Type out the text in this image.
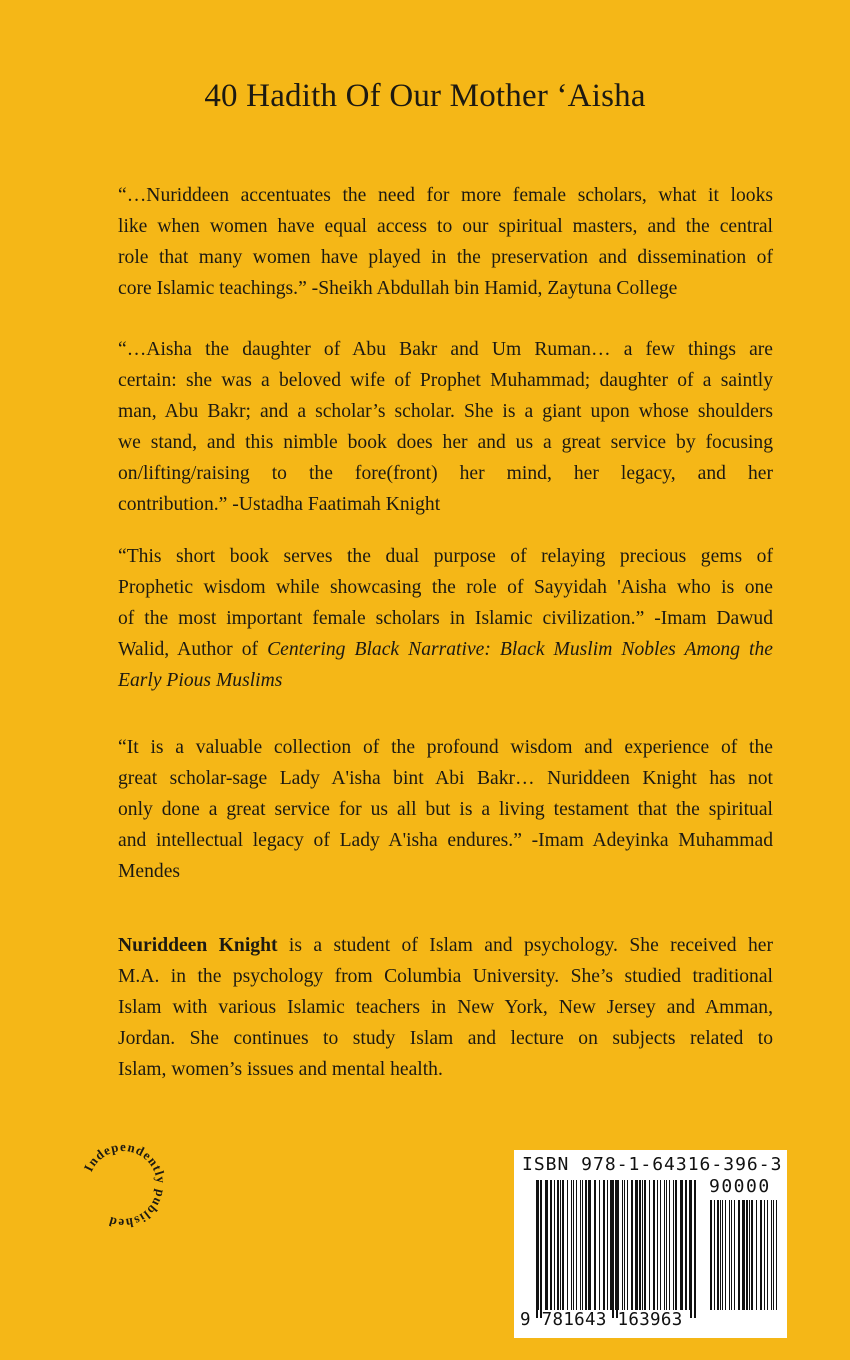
40 Hadith Of Our Mother ‘Aisha
“…Nuriddeen accentuates the need for more female scholars, what it looks
like when women have equal access to our spiritual masters, and the central
role that many women have played in the preservation and dissemination of
core Islamic teachings.” -Sheikh Abdullah bin Hamid, Zaytuna College
“…Aisha the daughter of Abu Bakr and Um Ruman… a few things are
certain: she was a beloved wife of Prophet Muhammad; daughter of a saintly
man, Abu Bakr; and a scholar’s scholar. She is a giant upon whose shoulders
we stand, and this nimble book does her and us a great service by focusing
on/lifting/raising to the fore(front) her mind, her legacy, and her
contribution.” -Ustadha Faatimah Knight
“This short book serves the dual purpose of relaying precious gems of
Prophetic wisdom while showcasing the role of Sayyidah 'Aisha who is one
of the most important female scholars in Islamic civilization.” -Imam Dawud
Walid, Author of Centering Black Narrative: Black Muslim Nobles Among the
Early Pious Muslims
“It is a valuable collection of the profound wisdom and experience of the
great scholar-sage Lady A'isha bint Abi Bakr… Nuriddeen Knight has not
only done a great service for us all but is a living testament that the spiritual
and intellectual legacy of Lady A'isha endures.” -Imam Adeyinka Muhammad
Mendes
Nuriddeen Knight is a student of Islam and psychology. She received her
M.A. in the psychology from Columbia University. She’s studied traditional
Islam with various Islamic teachers in New York, New Jersey and Amman,
Jordan. She continues to study Islam and lecture on subjects related to
Islam, women’s issues and mental health.
Independently published
ISBN 978-1-64316-396-3
90000
9 781643 163963
